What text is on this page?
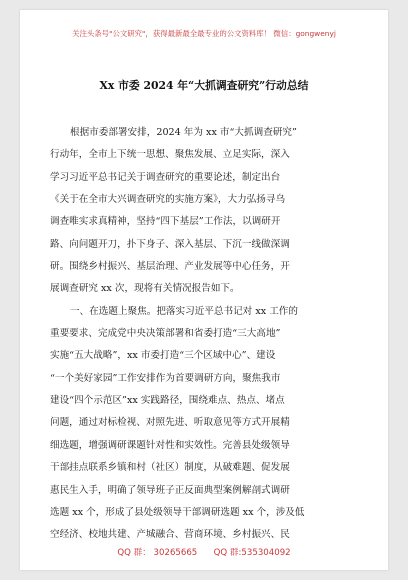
关注头条号"公文研究"，获得最新最全最专业的公文资料库！ 微信：gongwenyj
Xx 市委 2024 年“大抓调查研究”行动总结
根据市委部署安排，2024 年为 xx 市“大抓调查研究”
行动年，全市上下统一思想、聚焦发展、立足实际，深入
学习习近平总书记关于调查研究的重要论述，制定出台
《关于在全市大兴调查研究的实施方案》，大力弘扬寻乌
调查唯实求真精神，坚持“四下基层”工作法，以调研开
路、向问题开刀，扑下身子、深入基层、下沉一线做深调
研。围绕乡村振兴、基层治理、产业发展等中心任务，开
展调查研究 xx 次，现将有关情况报告如下。
一、在选题上聚焦。把落实习近平总书记对 xx 工作的
重要要求、完成党中央决策部署和省委打造“三大高地”
实施“五大战略”，xx 市委打造“三个区域中心”、建设
“一个美好家园”工作安排作为首要调研方向，聚焦我市
建设“四个示范区”xx 实践路径，围绕难点、热点、堵点
问题，通过对标检视、对照先进、听取意见等方式开展精
细选题，增强调研课题针对性和实效性。完善县处级领导
干部挂点联系乡镇和村（社区）制度，从破难题、促发展
惠民生入手，明确了领导班子正反面典型案例解剖式调研
选题 xx 个，形成了县处级领导干部调研选题 xx 个，涉及低
空经济、校地共建、产城融合、营商环境、乡村振兴、民
QQ 群： 30265665 QQ 群:535304092
